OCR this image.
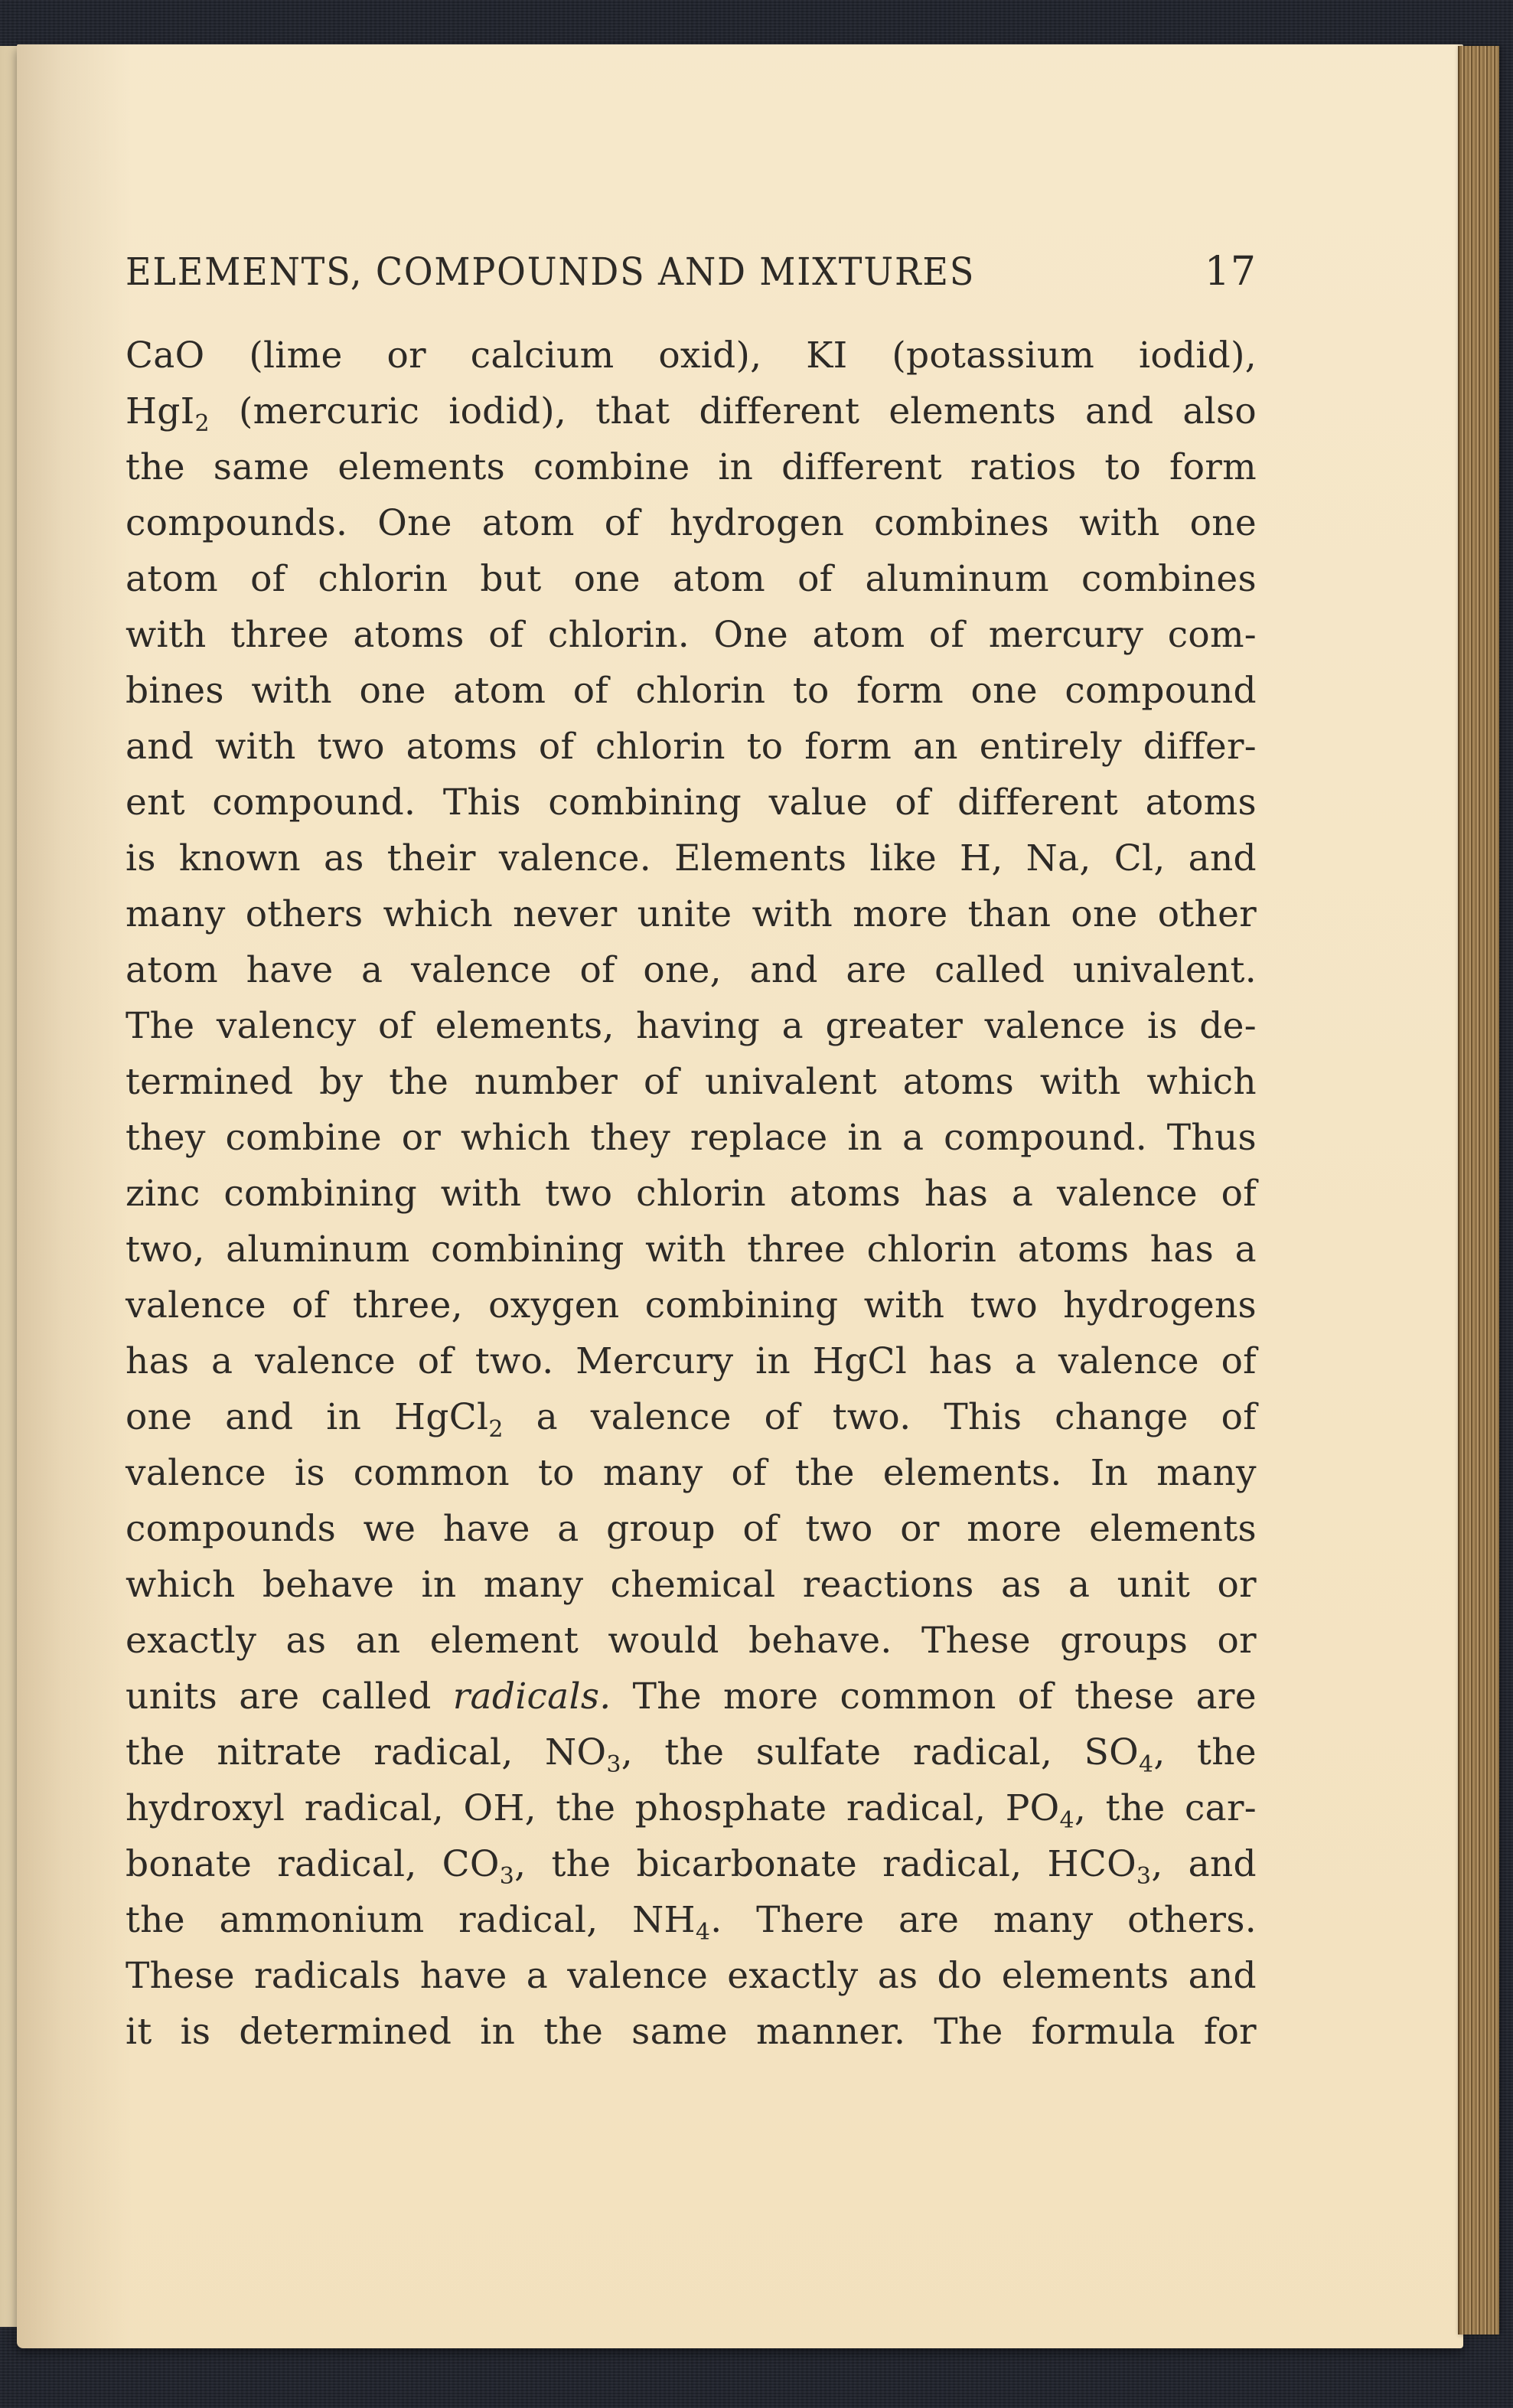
ELEMENTS, COMPOUNDS AND MIXTURES	17
CaO (lime or calcium oxid), KI (potassium iodid),
HgI$_2$ (mercuric iodid), that different elements and also
the same elements combine in different ratios to form
compounds. One atom of hydrogen combines with one
atom of chlorin but one atom of aluminum combines
with three atoms of chlorin. One atom of mercury com-
bines with one atom of chlorin to form one compound
and with two atoms of chlorin to form an entirely differ-
ent compound. This combining value of different atoms
is known as their valence. Elements like H, Na, Cl, and
many others which never unite with more than one other
atom have a valence of one, and are called univalent.
The valency of elements, having a greater valence is de-
termined by the number of univalent atoms with which
they combine or which they replace in a compound. Thus
zinc combining with two chlorin atoms has a valence of
two, aluminum combining with three chlorin atoms has a
valence of three, oxygen combining with two hydrogens
has a valence of two. Mercury in HgCl has a valence of
one and in HgCl$_2$ a valence of two. This change of
valence is common to many of the elements. In many
compounds we have a group of two or more elements
which behave in many chemical reactions as a unit or
exactly as an element would behave. These groups or
units are called radicals. The more common of these are
the nitrate radical, $NO_3$, the sulfate radical, $SO_4$, the
hydroxyl radical, OH, the phosphate radical, $PO_4$, the car-
bonate radical, $CO_3$, the bicarbonate radical, $HCO_3$, and
the ammonium radical, $NH_4$. There are many others.
These radicals have a valence exactly as do elements and
it is determined in the same manner. The formula for
